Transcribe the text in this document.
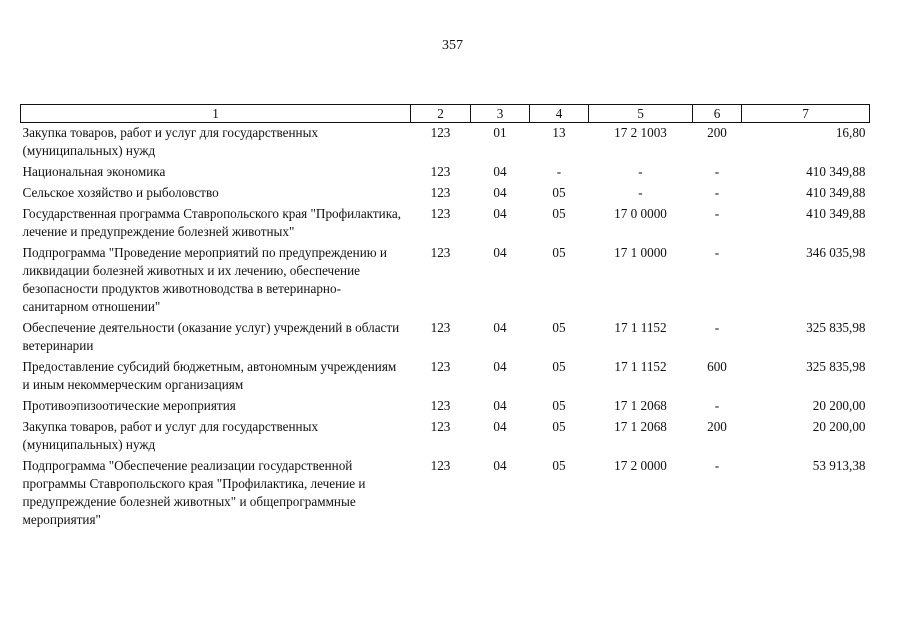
357
1	2	3	4	5	6	7
Закупка товаров, работ и услуг для государственных (муниципальных) нужд	123	01	13	17 2 1003	200	16,80
Национальная экономика	123	04	-	-	-	410 349,88
Сельское хозяйство и рыболовство	123	04	05	-	-	410 349,88
Государственная программа Ставропольского края "Профилактика, лечение и предупреждение болезней животных"	123	04	05	17 0 0000	-	410 349,88
Подпрограмма "Проведение мероприятий по предупреждению и ликвидации болезней животных и их лечению, обеспечение безопасности продуктов животноводства в ветеринарно-санитарном отношении"	123	04	05	17 1 0000	-	346 035,98
Обеспечение деятельности (оказание услуг) учреждений в области ветеринарии	123	04	05	17 1 1152	-	325 835,98
Предоставление субсидий бюджетным, автономным учреждениям и иным некоммерческим организациям	123	04	05	17 1 1152	600	325 835,98
Противоэпизоотические мероприятия	123	04	05	17 1 2068	-	20 200,00
Закупка товаров, работ и услуг для государственных (муниципальных) нужд	123	04	05	17 1 2068	200	20 200,00
Подпрограмма "Обеспечение реализации государственной программы Ставропольского края "Профилактика, лечение и предупреждение болезней животных" и общепрограммные мероприятия"	123	04	05	17 2 0000	-	53 913,38
